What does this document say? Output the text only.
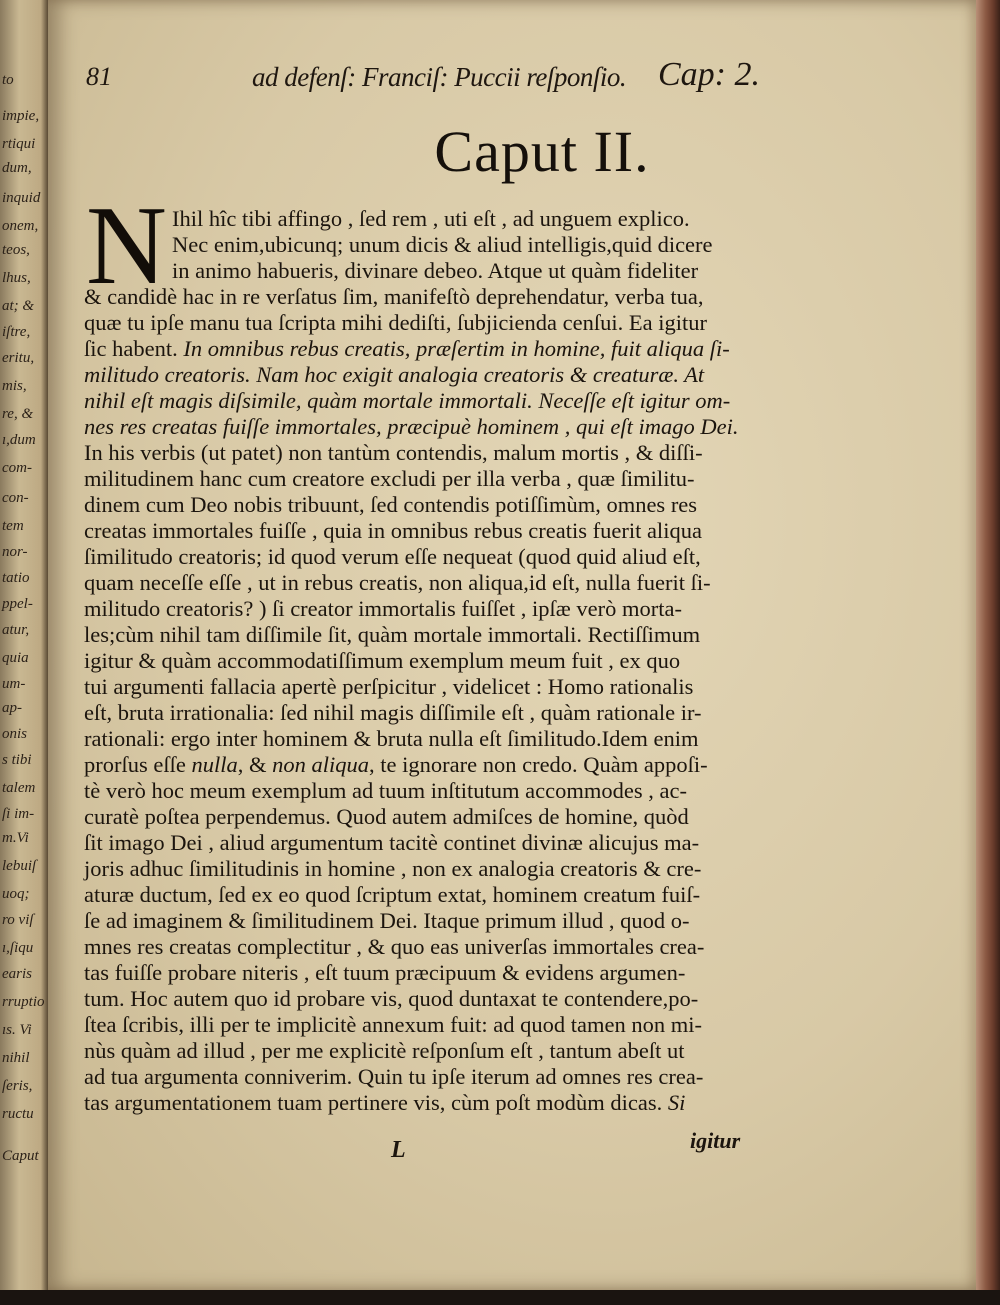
to
impie,
rtiqui
dum,
inquid
onem,
teos,
lhus,
at; &
iſtre,
eritu,
mis,
re, &
ı,dum
com-
con-
tem
nor-
tatio
ppel-
atur,
quia
um-
ap-
onis
s tibi
talem
ſi im-
m.Vi
lebuiſ
uoq;
ro viſ
ı,ſiqu
earis
rruptio
ıs. Vi
nihil
ſeris,
ructu
Caput
81	ad defenſ: Franciſ: Puccii reſponſio. Cap: 2.
Caput II.
N Ihil hîc tibi affingo , ſed rem , uti eſt , ad unguem explico.
Nec enim,ubicunq; unum dicis & aliud intelligis,quid dicere
in animo habueris, divinare debeo. Atque ut quàm fideliter
& candidè hac in re verſatus ſim, manifeſtò deprehendatur, verba tua,
quæ tu ipſe manu tua ſcripta mihi dediſti, ſubjicienda cenſui. Ea igitur
ſic habent. In omnibus rebus creatis, præſertim in homine, fuit aliqua ſi-
militudo creatoris. Nam hoc exigit analogia creatoris & creaturæ. At
nihil eſt magis diſsimile, quàm mortale immortali. Neceſſe eſt igitur om-
nes res creatas fuiſſe immortales, præcipuè hominem , qui eſt imago Dei.
In his verbis (ut patet) non tantùm contendis, malum mortis , & diſſi-
militudinem hanc cum creatore excludi per illa verba , quæ ſimilitu-
dinem cum Deo nobis tribuunt, ſed contendis potiſſimùm, omnes res
creatas immortales fuiſſe , quia in omnibus rebus creatis fuerit aliqua
ſimilitudo creatoris; id quod verum eſſe nequeat (quod quid aliud eſt,
quam neceſſe eſſe , ut in rebus creatis, non aliqua,id eſt, nulla fuerit ſi-
militudo creatoris? ) ſi creator immortalis fuiſſet , ipſæ verò morta-
les;cùm nihil tam diſſimile ſit, quàm mortale immortali. Rectiſſimum
igitur & quàm accommodatiſſimum exemplum meum fuit , ex quo
tui argumenti fallacia apertè perſpicitur , videlicet : Homo rationalis
eſt, bruta irrationalia: ſed nihil magis diſſimile eſt , quàm rationale ir-
rationali: ergo inter hominem & bruta nulla eſt ſimilitudo.Idem enim
prorſus eſſe nulla, & non aliqua, te ignorare non credo. Quàm appoſi-
tè verò hoc meum exemplum ad tuum inſtitutum accommodes , ac-
curatè poſtea perpendemus. Quod autem admiſces de homine, quòd
ſit imago Dei , aliud argumentum tacitè continet divinæ alicujus ma-
joris adhuc ſimilitudinis in homine , non ex analogia creatoris & cre-
aturæ ductum, ſed ex eo quod ſcriptum extat, hominem creatum fuiſ-
ſe ad imaginem & ſimilitudinem Dei. Itaque primum illud , quod o-
mnes res creatas complectitur , & quo eas univerſas immortales crea-
tas fuiſſe probare niteris , eſt tuum præcipuum & evidens argumen-
tum. Hoc autem quo id probare vis, quod duntaxat te contendere,po-
ſtea ſcribis, illi per te implicitè annexum fuit: ad quod tamen non mi-
nùs quàm ad illud , per me explicitè reſponſum eſt , tantum abeſt ut
ad tua argumenta conniverim. Quin tu ipſe iterum ad omnes res crea-
tas argumentationem tuam pertinere vis, cùm poſt modùm dicas. Si
L	igitur
